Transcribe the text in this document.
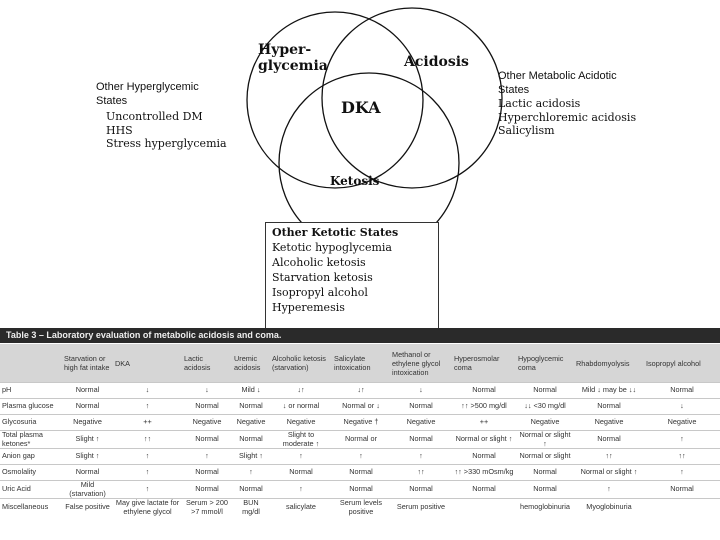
Hyper-
glycemia	Acidosis
DKA
Ketosis
Other Hyperglycemic
States
Uncontrolled DM
HHS
Stress hyperglycemia
Other Metabolic Acidotic
States
Lactic acidosis
Hyperchloremic acidosis
Salicylism
Other Ketotic States
Ketotic hypoglycemia
Alcoholic ketosis
Starvation ketosis
Isopropyl alcohol
Hyperemesis
Table 3 – Laboratory evaluation of metabolic acidosis and coma.
	Starvation or high fat intake	DKA	Lactic acidosis	Uremic acidosis	Alcoholic ketosis (starvation)	Salicylate intoxication	Methanol or ethylene glycol intoxication	Hyperosmolar coma	Hypoglycemic coma	Rhabdomyolysis	Isopropyl alcohol
pH	Normal	↓	↓	Mild ↓	↓↑	↓↑	↓	Normal	Normal	Mild ↓ may be ↓↓	Normal
Plasma glucose	Normal	↑	Normal	Normal	↓ or normal	Normal or ↓	Normal	↑↑ >500 mg/dl	↓↓ <30 mg/dl	Normal	↓
Glycosuria	Negative	++	Negative	Negative	Negative	Negative †	Negative	++	Negative	Negative	Negative
Total plasma ketones*	Slight ↑	↑↑	Normal	Normal	Slight to moderate ↑	Normal or	Normal	Normal or slight ↑	Normal or slight ↑	Normal	↑
Anion gap	Slight ↑	↑	↑	Slight ↑	↑	↑	↑	Normal	Normal or slight	↑↑	↑↑
Osmolality	Normal	↑	Normal	↑	Normal	Normal	↑↑	↑↑ >330 mOsm/kg	Normal	Normal or slight ↑	↑
Uric Acid	Mild (starvation)	↑	Normal	Normal	↑	Normal	Normal	Normal	Normal	↑	Normal
Miscellaneous	False positive	May give lactate for ethylene glycol	Serum > 200 >7 mmol/l	BUN mg/dl	salicylate	Serum levels positive	Serum positive		hemoglobinuria	Myoglobinuria	
